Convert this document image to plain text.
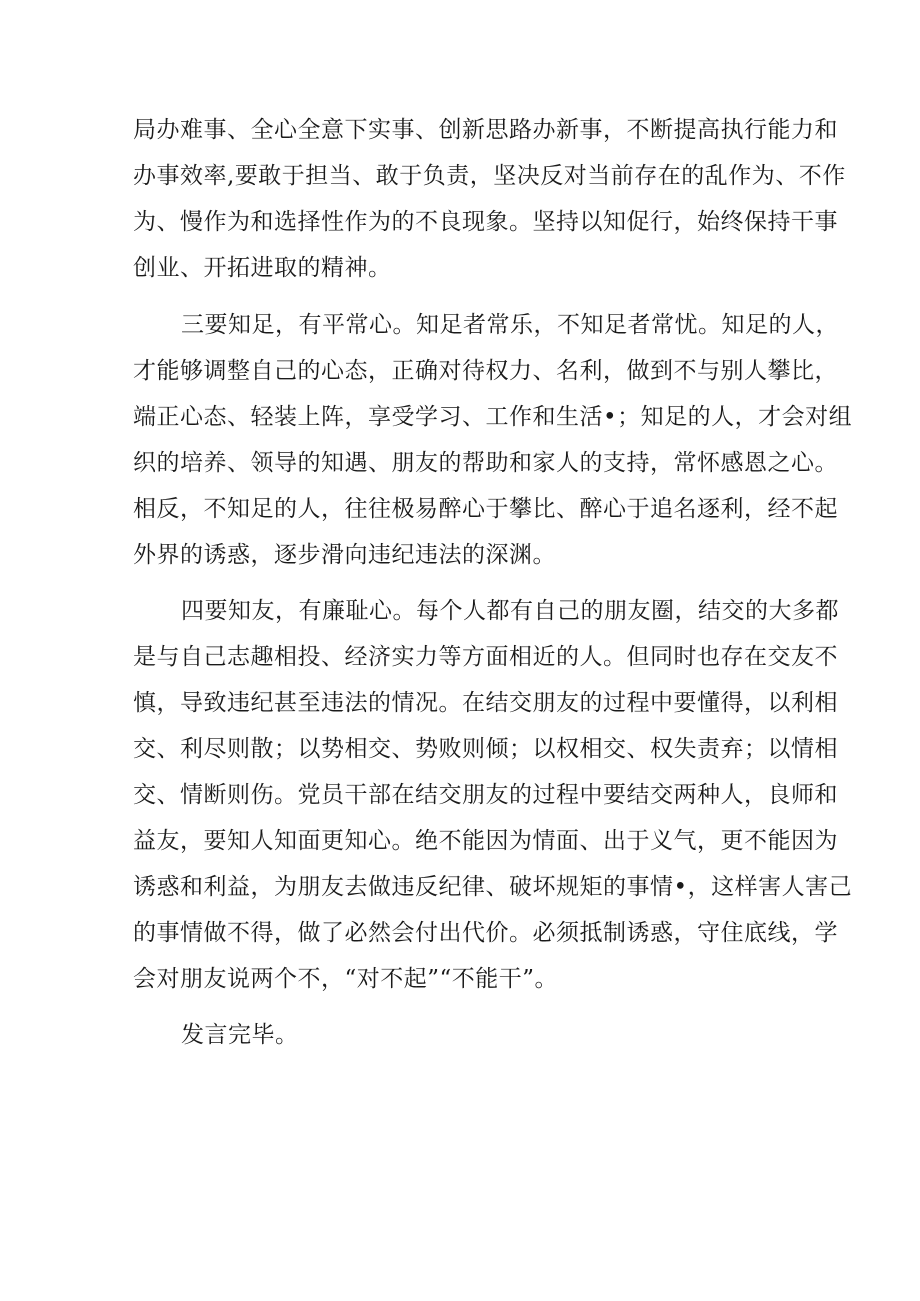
局办难事、全心全意下实事、创新思路办新事，不断提高执行能力和
办事效率,要敢于担当、敢于负责，坚决反对当前存在的乱作为、不作
为、慢作为和选择性作为的不良现象。坚持以知促行，始终保持干事
创业、开拓进取的精神。
三要知足，有平常心。知足者常乐，不知足者常忧。知足的人，
才能够调整自己的心态，正确对待权力、名利，做到不与别人攀比，
端正心态、轻装上阵，享受学习、工作和生活•；知足的人，才会对组
织的培养、领导的知遇、朋友的帮助和家人的支持，常怀感恩之心。
相反，不知足的人，往往极易醉心于攀比、醉心于追名逐利，经不起
外界的诱惑，逐步滑向违纪违法的深渊。
四要知友，有廉耻心。每个人都有自己的朋友圈，结交的大多都
是与自己志趣相投、经济实力等方面相近的人。但同时也存在交友不
慎，导致违纪甚至违法的情况。在结交朋友的过程中要懂得，以利相
交、利尽则散；以势相交、势败则倾；以权相交、权失责弃；以情相
交、情断则伤。党员干部在结交朋友的过程中要结交两种人，良师和
益友，要知人知面更知心。绝不能因为情面、出于义气，更不能因为
诱惑和利益，为朋友去做违反纪律、破坏规矩的事情•，这样害人害己
的事情做不得，做了必然会付出代价。必须抵制诱惑，守住底线，学
会对朋友说两个不，“对不起”“不能干”。
发言完毕。
